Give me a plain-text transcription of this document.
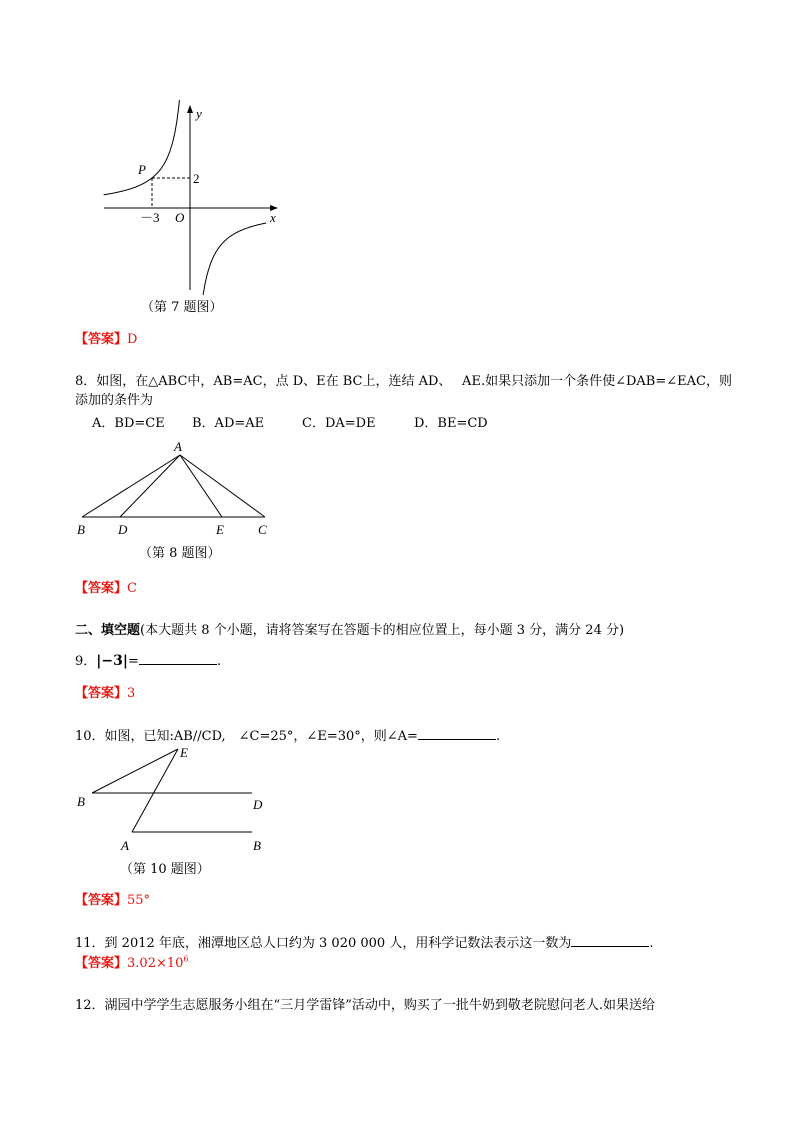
y
x
P
2
－3 O
（第 7 题图）
【答案】D
8．如图，在△ABC中，AB=AC，点 D、E在 BC上，连结 AD、　 AE.如果只添加一个条件使∠DAB=∠EAC，则
添加的条件为
A．BD=CE B．AD=AE	C．DA=DE	D．BE=CD
A
B	D	E	C
（第 8 题图）
【答案】C
二、填空题(本大题共 8 个小题，请将答案写在答题卡的相应位置上，每小题 3 分，满分 24 分)
9．|−3|=	.
【答案】3
10．如图，已知:AB//CD,　∠C=25°，∠E=30°，则∠A=	.
E
B	D
A	B
（第 10 题图）
【答案】55°
11．到 2012 年底，湘潭地区总人口约为 3 020 000 人，用科学记数法表示这一数为	.
【答案】$3.02\times 10^6$
12．湖园中学学生志愿服务小组在“三月学雷锋”活动中，购买了一批牛奶到敬老院慰问老人.如果送给
